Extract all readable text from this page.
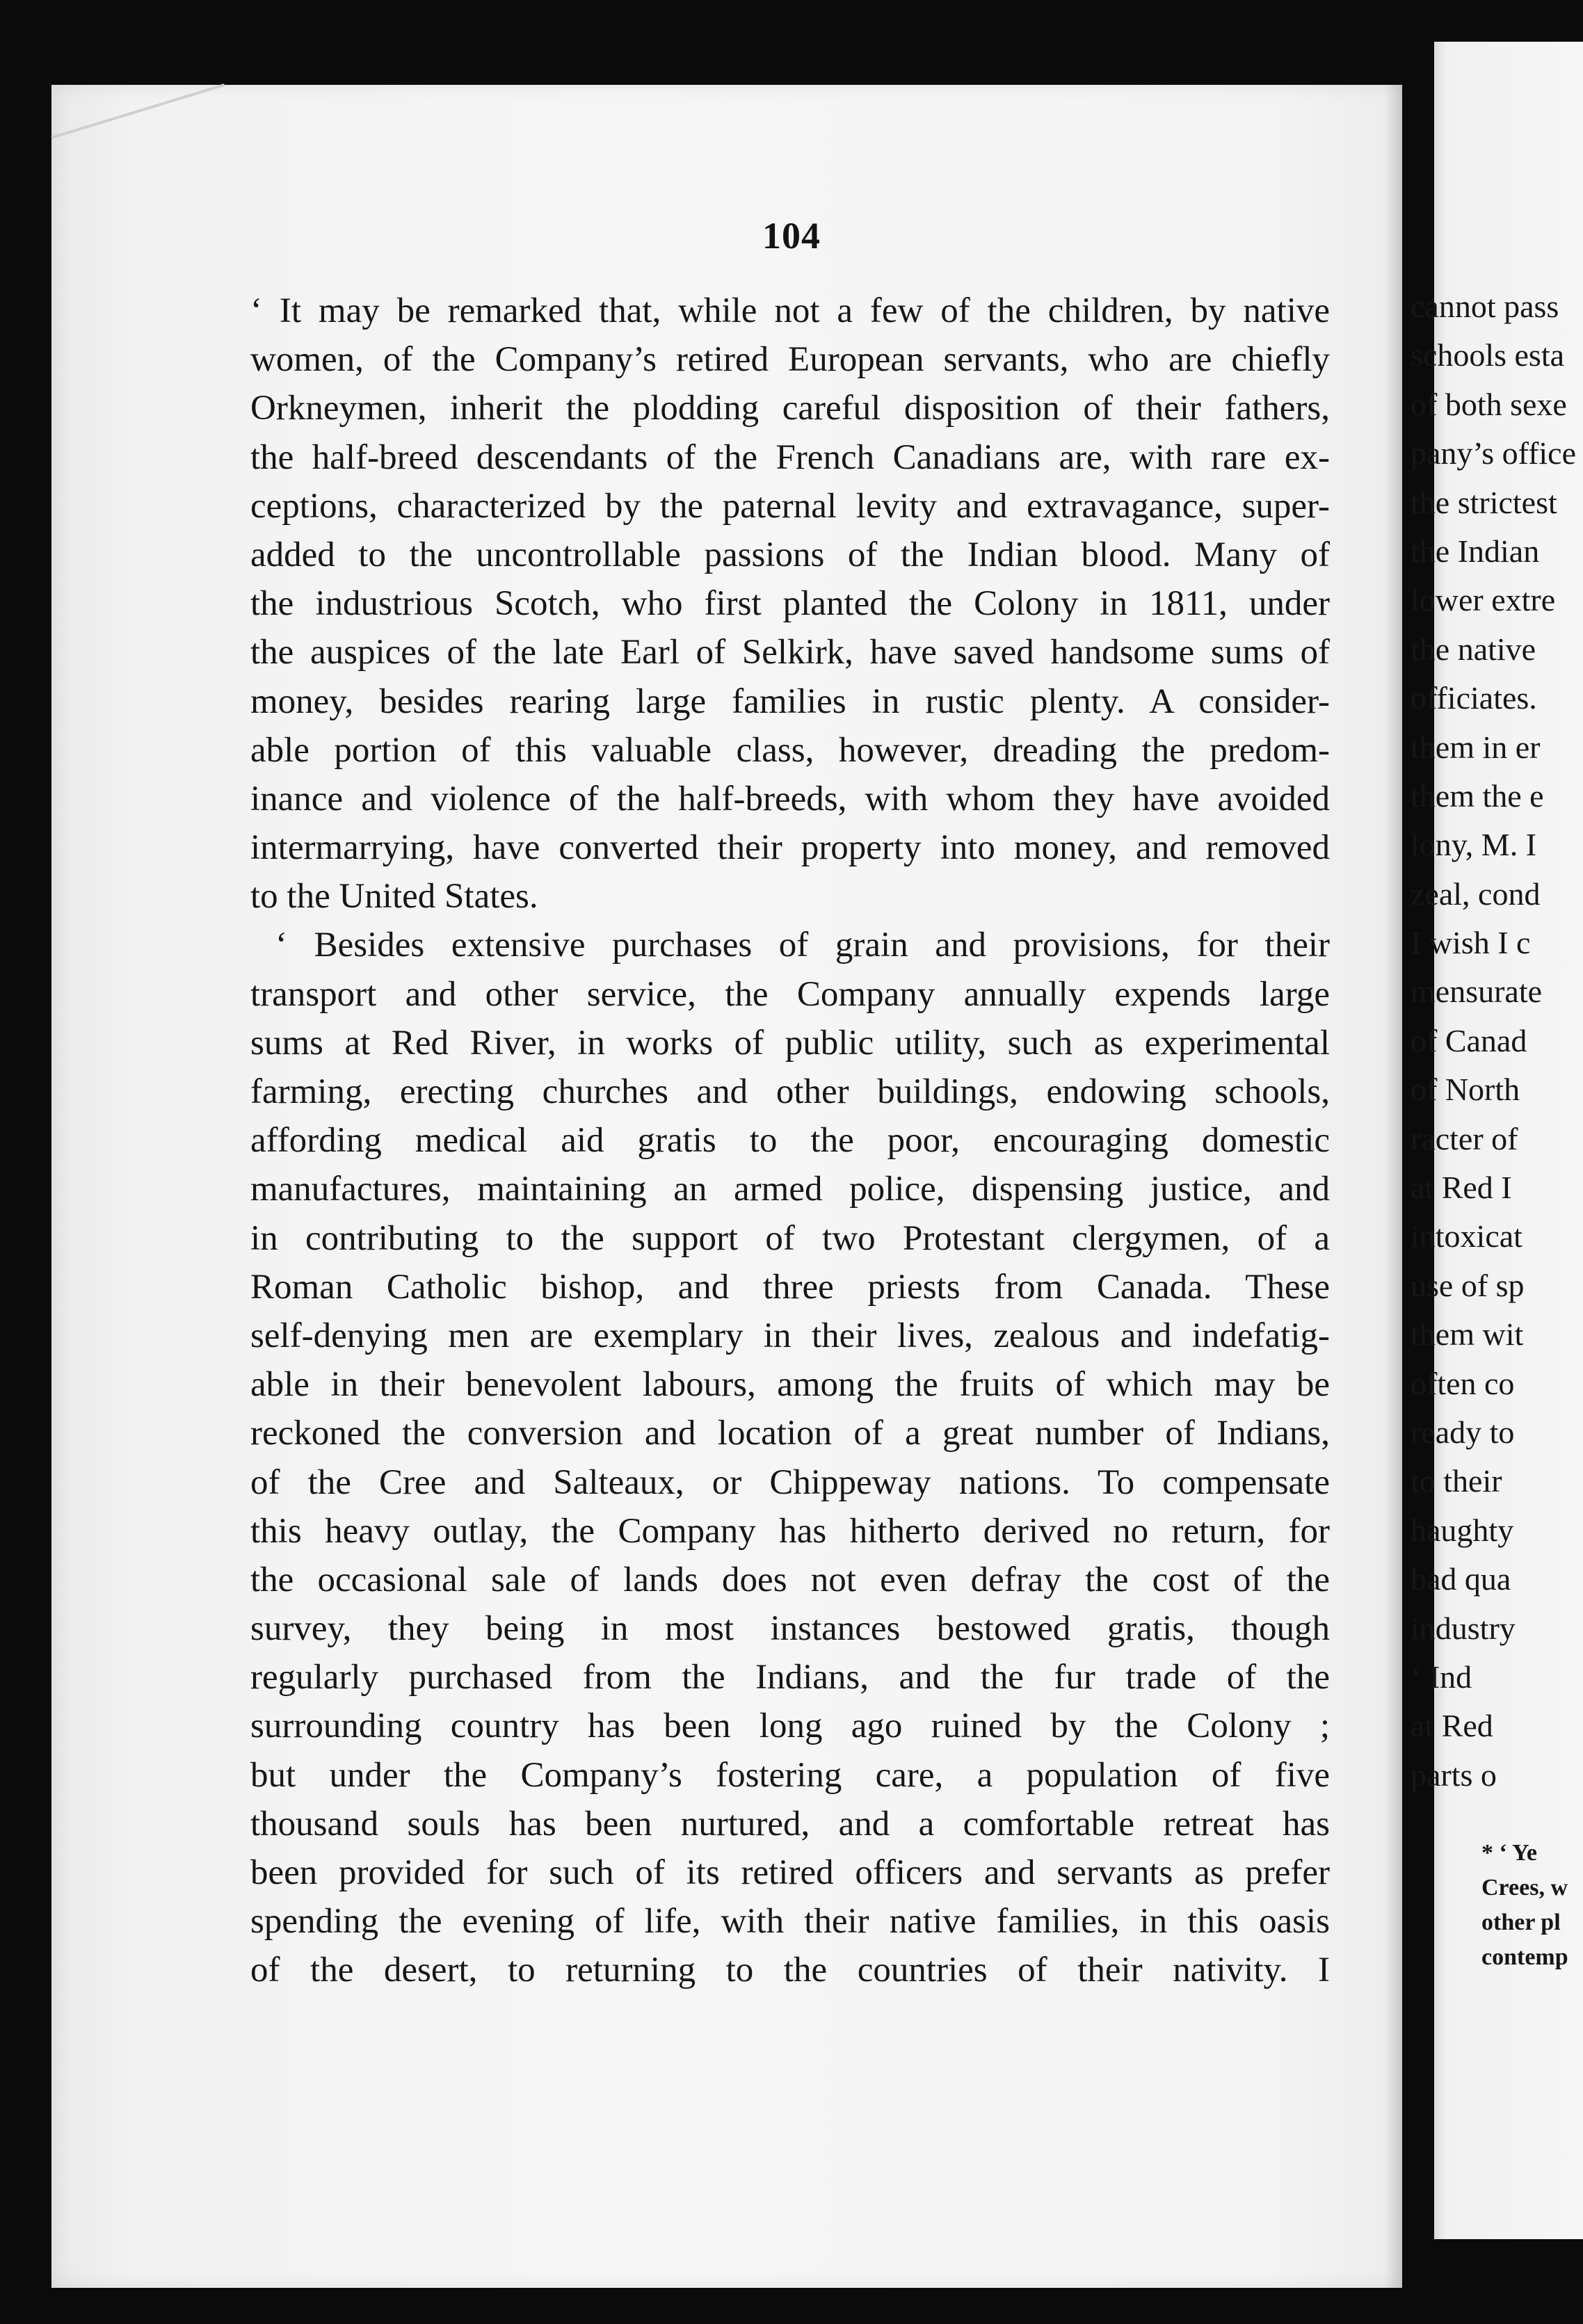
104
‘ It may be remarked that, while not a few of the children, by native
women, of the Company’s retired European servants, who are chiefly
Orkneymen, inherit the plodding careful disposition of their fathers,
the half-breed descendants of the French Canadians are, with rare ex-
ceptions, characterized by the paternal levity and extravagance, super-
added to the uncontrollable passions of the Indian blood. Many of
the industrious Scotch, who first planted the Colony in 1811, under
the auspices of the late Earl of Selkirk, have saved handsome sums of
money, besides rearing large families in rustic plenty. A consider-
able portion of this valuable class, however, dreading the predom-
inance and violence of the half-breeds, with whom they have avoided
intermarrying, have converted their property into money, and removed
to the United States.
‘ Besides extensive purchases of grain and provisions, for their
transport and other service, the Company annually expends large
sums at Red River, in works of public utility, such as experimental
farming, erecting churches and other buildings, endowing schools,
affording medical aid gratis to the poor, encouraging domestic
manufactures, maintaining an armed police, dispensing justice, and
in contributing to the support of two Protestant clergymen, of a
Roman Catholic bishop, and three priests from Canada. These
self-denying men are exemplary in their lives, zealous and indefatig-
able in their benevolent labours, among the fruits of which may be
reckoned the conversion and location of a great number of Indians,
of the Cree and Salteaux, or Chippeway nations. To compensate
this heavy outlay, the Company has hitherto derived no return, for
the occasional sale of lands does not even defray the cost of the
survey, they being in most instances bestowed gratis, though
regularly purchased from the Indians, and the fur trade of the
surrounding country has been long ago ruined by the Colony ;
but under the Company’s fostering care, a population of five
thousand souls has been nurtured, and a comfortable retreat has
been provided for such of its retired officers and servants as prefer
spending the evening of life, with their native families, in this oasis
of the desert, to returning to the countries of their nativity. I
cannot pass
schools esta
of both sexe
pany’s office
the strictest
the Indian
lower extre
the native
officiates.
them in er
them the e
lony, M. I
zeal, cond
I wish I c
mensurate
of Canad
of North
racter of
at Red I
intoxicat
use of sp
them wit
often co
ready to
to their
haughty
bad qua
industry
‘ Ind
at Red
parts o
* ‘ Ye
Crees, w
other pl
contemp
